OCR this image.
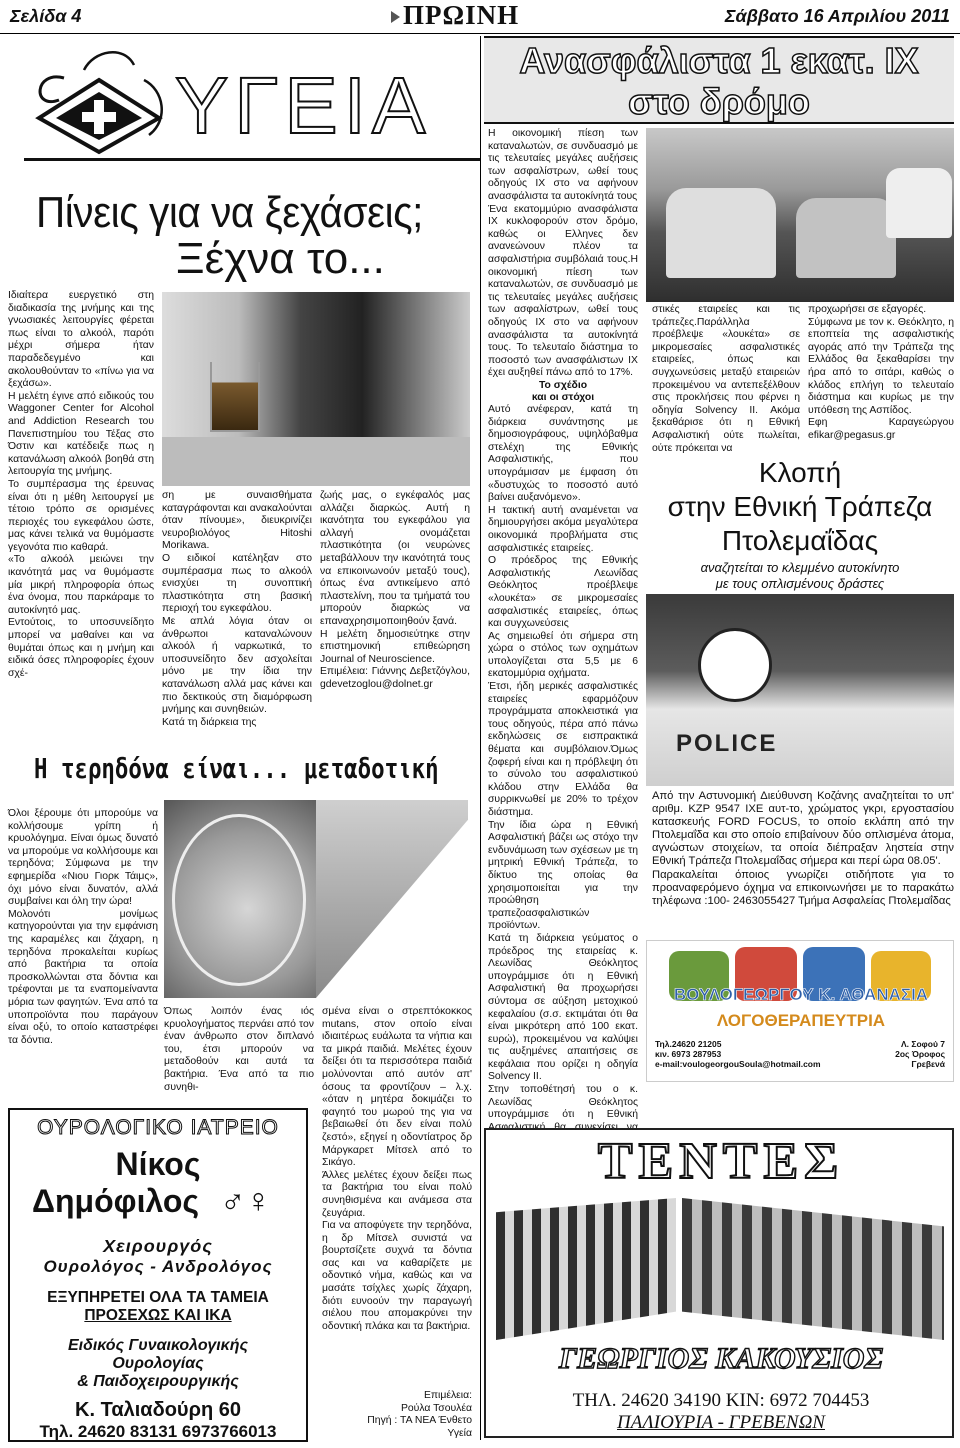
Σελίδα 4	ΠΡΩΙΝΗ	Σάββατο 16 Απριλίου 2011
ΥΓΕΙΑ
Πίνεις για να ξεχάσεις;
Ξέχνα το...
Ιδιαίτερα ευεργετικό στη διαδικασία της μνήμης και της γνωσιακές λειτουργίες φέρεται πως είναι το αλκοόλ, παρότι μέχρι σήμερα ήταν παραδεδεγμένο και ακολουθούνταν το «πίνω για να ξεχάσω».
Η μελέτη έγινε από ειδικούς του Waggoner Center for Alcohol and Addiction Research του Πανεπιστημίου του Τέξας στο Όστιν και κατέδειξε πως η κατανάλωση αλκοόλ βοηθά στη λειτουργία της μνήμης.
Το συμπέρασμα της έρευνας είναι ότι η μέθη λειτουργεί με τέτοιο τρόπο σε ορισμένες περιοχές του εγκεφάλου ώστε, μας κάνει τελικά να θυμόμαστε γεγονότα πιο καθαρά.
«Το αλκοόλ μειώνει την ικανότητά μας να θυμόμαστε μία μικρή πληροφορία όπως ένα όνομα, που παρκάραμε το αυτοκίνητό μας.
Εντούτοις, το υποσυνείδητο μπορεί να μαθαίνει και να θυμάται όπως και η μνήμη και ειδικά όσες πληροφορίες έχουν σχέ-
ση με συναισθήματα καταγράφονται και ανακαλούνται όταν πίνουμε», διευκρινίζει νευροβιολόγος Hitoshi Morikawa.
Ο ειδικοί κατέληξαν στο συμπέρασμα πως το αλκοόλ ενισχύει τη συνοπτική πλαστικότητα στη βασική περιοχή του εγκεφάλου.
Με απλά λόγια όταν οι άνθρωποι καταναλώνουν αλκοόλ ή ναρκωτικά, το υποσυνείδητο δεν ασχολείται μόνο με την ίδια την κατανάλωση αλλά μας κάνει και πιο δεκτικούς στη διαμόρφωση μνήμης και συνηθειών.
Κατά τη διάρκεια της
ζωής μας, ο εγκέφαλός μας αλλάζει διαρκώς. Αυτή η ικανότητα του εγκεφάλου για αλλαγή ονομάζεται πλαστικότητα (οι νευρώνες μεταβάλλουν την ικανότητά τους να επικοινωνούν μεταξύ τους), όπως ένα αντικείμενο από πλαστελίνη, που τα τμήματά του μπορούν διαρκώς να επαναχρησιμοποιηθούν ξανά.
Η μελέτη δημοσιεύτηκε στην επιστημονική επιθεώρηση Journal of Neuroscience.
Επιμέλεια: Γιάννης Δεβετζόγλου, gdevetzoglou@dolnet.gr
Η τερηδόνα είναι... μεταδοτική
Όλοι ξέρουμε ότι μπορούμε να κολλήσουμε γρίπη ή κρυολόγημα. Είναι όμως δυνατό να μπορούμε να κολλήσουμε και τερηδόνα; Σύμφωνα με την εφημερίδα «Νιου Γιορκ Τάιμς», όχι μόνο είναι δυνατόν, αλλά συμβαίνει και όλη την ώρα!
Μολονότι μονίμως κατηγορούνται για την εμφάνιση της καραμέλες και ζάχαρη, η τερηδόνα προκαλείται κυρίως από βακτήρια τα οποία προσκολλώνται στα δόντια και τρέφονται με τα εναπομείναντα μόρια των φαγητών. Ένα από τα υποπροϊόντα που παράγουν είναι οξύ, το οποίο καταστρέφει τα δόντια.
Όπως λοιπόν ένας ιός κρυολογήματος περνάει από τον έναν άνθρωπο στον διπλανό του, έτσι μπορούν να μεταδοθούν και αυτά τα βακτήρια. Ένα από τα πιο συνηθι-
σμένα είναι ο στρεπτόκοκκος mutans, στον οποίο είναι ιδιαιτέρως ευάλωτα τα νήπια και τα μικρά παιδιά. Μελέτες έχουν δείξει ότι τα περισσότερα παιδιά μολύνονται από αυτόν απ' όσους τα φροντίζουν – λ.χ. «όταν η μητέρα δοκιμάζει το φαγητό του μωρού της για να βεβαιωθεί ότι δεν είναι πολύ ζεστό», εξηγεί η οδοντίατρος δρ Μάργκαρετ Μίτσελ από το Σικάγο.
Άλλες μελέτες έχουν δείξει πως τα βακτήρια του είναι πολύ συνηθισμένα και ανάμεσα στα ζευγάρια.
Για να αποφύγετε την τερηδόνα, η δρ Μίτσελ συνιστά να βουρτσίζετε συχνά τα δόντια σας και να καθαρίζετε με οδοντικό νήμα, καθώς και να μασάτε τσίχλες χωρίς ζάχαρη, διότι ευνοούν την παραγωγή σιέλου που απομακρύνει την οδοντική πλάκα και τα βακτήρια.
Επιμέλεια:
Ρούλα Τσουλέα
Πηγή : ΤΑ ΝΕΑ Ένθετο
Υγεία
ΟΥΡΟΛΟΓΙΚΟ ΙΑΤΡΕΙΟ
Νίκος
Δημόφιλος ♂♀
Χειρουργός
Ουρολόγος - Ανδρολόγος
ΕΞΥΠΗΡΕΤΕΙ ΟΛΑ ΤΑ ΤΑΜΕΙΑ
ΠΡΟΣΕΧΩΣ ΚΑΙ ΙΚΑ
Ειδικός Γυναικολογικής
Ουρολογίας
& Παιδοχειρουργικής
Κ. Ταλιαδούρη 60
Τηλ. 24620 83131 6973766013
Ανασφάλιστα 1 εκατ. ΙΧ
στο δρόμο
Η οικονομική πίεση των καταναλωτών, σε συνδυασμό με τις τελευταίες μεγάλες αυξήσεις των ασφαλίστρων, ωθεί τους οδηγούς ΙΧ στο να αφήνουν ανασφάλιστα τα αυτοκίνητά τους
Ένα εκατομμύριο ανασφάλιστα ΙΧ κυκλοφορούν στον δρόμο, καθώς οι Ελληνες δεν ανανεώνουν πλέον τα ασφαλιστήρια συμβόλαιά τους.Η οικονομική πίεση των καταναλωτών, σε συνδυασμό με τις τελευταίες μεγάλες αυξήσεις των ασφαλίστρων, ωθεί τους οδηγούς ΙΧ στο να αφήνουν ανασφάλιστα τα αυτοκίνητά τους. Το τελευταίο διάστημα το ποσοστό των ανασφάλιστων ΙΧ έχει αυξηθεί πάνω από το 17%.
Το σχέδιο
και οι στόχοι
Αυτό ανέφεραν, κατά τη διάρκεια συνάντησης με δημοσιογράφους, υψηλόβαθμα στελέχη της Εθνικής Ασφαλιστικής, που υπογράμισαν με έμφαση ότι «δυστυχώς το ποσοστό αυτό βαίνει αυξανόμενο».
Η τακτική αυτή αναμένεται να δημιουργήσει ακόμα μεγαλύτερα οικονομικά προβλήματα στις ασφαλιστικές εταιρείες.
Ο πρόεδρος της Εθνικής Ασφαλιστικής Λεωνίδας Θεόκλητος προέβλεψε «λουκέτα» σε μικρομεσαίες ασφαλιστικές εταιρείες, όπως και συγχωνεύσεις
Ας σημειωθεί ότι σήμερα στη χώρα ο στόλος των οχημάτων υπολογίζεται στα 5,5 με 6 εκατομμύρια οχήματα.
Έτσι, ήδη μερικές ασφαλιστικές εταιρείες εφαρμόζουν προγράμματα αποκλειστικά για τους οδηγούς, πέρα από πάνω εκδηλώσεις σε εισπρακτικά θέματα και συμβόλαιον.Όμως ζοφερή είναι και η πρόβλεψη ότι το σύνολο του ασφαλιστικού κλάδου στην Ελλάδα θα συρρικνωθεί με 20% το τρέχον διάστημα.
Την ίδια ώρα η Εθνική Ασφαλιστική βάζει ως στόχο την ενδυνάμωση των σχέσεων με τη μητρική Εθνική Τράπεζα, το δίκτυο της οποίας θα χρησιμοποιείται για την προώθηση τραπεζοασφαλιστικών προϊόντων.
Κατά τη διάρκεια γεύματος ο πρόεδρος της εταιρείας κ. Λεωνίδας Θεόκλητος υπογράμμισε ότι η Εθνική Ασφαλιστική θα προχωρήσει σύντομα σε αύξηση μετοχικού κεφαλαίου (σ.σ. εκτιμάται ότι θα είναι μικρότερη από 100 εκατ. ευρώ), προκειμένου να καλύψει τις αυξημένες απαιτήσεις σε κεφάλαια που ορίζει η οδηγία Solvency II.
Στην τοποθέτησή του ο κ. Λεωνίδας Θεόκλητος υπογράμμισε ότι η Εθνική
στικές εταιρείες και τις τράπεζες.Παράλληλα προέβλεψε «λουκέτα» σε μικρομεσαίες ασφαλιστικές εταιρείες, όπως και συγχωνεύσεις μεταξύ εταιρειών προκειμένου να αντεπεξέλθουν στις προκλήσεις που φέρνει η οδηγία Solvency II. Ακόμα ξεκαθάρισε ότι η Εθνική Ασφαλιστική ούτε πωλείται, ούτε πρόκειται να
προχωρήσει σε εξαγορές.
Σύμφωνα με τον κ. Θεόκλητο, η εποπτεία της ασφαλιστικής αγοράς από την Τράπεζα της Ελλάδος θα ξεκαθαρίσει την ήρα από το σιτάρι, καθώς ο κλάδος επλήγη το τελευταίο διάστημα και κυρίως με την υπόθεση της Ασπίδος.
Εφη Καραγεώργου efikar@pegasus.gr
Κλοπή
στην Εθνική Τράπεζα
Πτολεμαΐδας
αναζητείται το κλεμμένο αυτοκίνητο
με τους οπλισμένους δράστες
POLICE
Από την Αστυνομική Διεύθυνση Κοζάνης αναζητείται το υπ' αριθμ. ΚΖΡ 9547 ΙΧΕ αυτ-το, χρώματος γκρι, εργοστασίου κατασκευής FORD FOCUS, το οποίο εκλάπη από την Πτολεμαΐδα και στο οποίο επιβαίνουν δύο οπλισμένα άτομα, αγνώστων στοιχείων, τα οποία διέπραξαν ληστεία στην Εθνική Τράπεζα Πτολεμαΐδας σήμερα και περί ώρα 08.05'.
Παρακαλείται όποιος γνωρίζει οτιδήποτε για το προαναφερόμενο όχημα να επικοινωνήσει με το παρακάτω τηλέφωνα :100- 2463055427 Τμήμα Ασφαλείας Πτολεμαΐδας
ΒΟΥΛΟΓΕΩΡΓΟΥ Κ. ΑΘΑΝΑΣΙΑ
ΛΟΓΟΘΕΡΑΠΕΥΤΡΙΑ
Τηλ.24620 21205
κιν. 6973 287953
e-mail:voulogeorgouSoula@hotmail.com
Λ. Σοφού 7
2ος Όροφος
Γρεβενά
ΤΕΝΤΕΣ
ΓΕΩΡΓΙΟΣ ΚΑΚΟΥΣΙΟΣ
ΤΗΛ. 24620 34190 ΚΙΝ: 6972 704453
ΠΑΛΙΟΥΡΙΑ - ΓΡΕΒΕΝΩΝ
